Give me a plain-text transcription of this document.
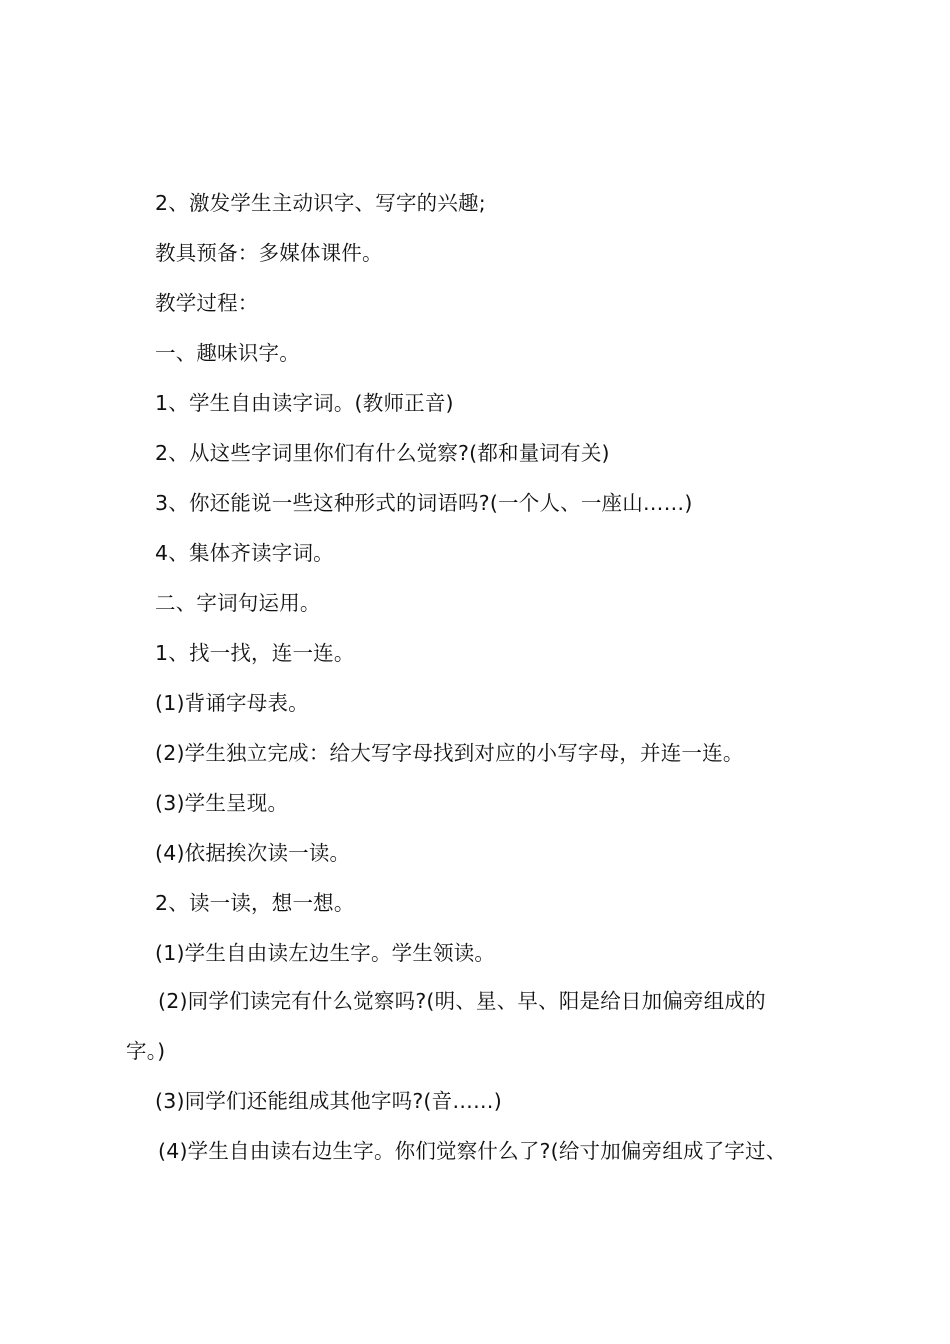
2、激发学生主动识字、写字的兴趣;
教具预备：多媒体课件。
教学过程：
一、趣味识字。
1、学生自由读字词。(教师正音)
2、从这些字词里你们有什么觉察?(都和量词有关)
3、你还能说一些这种形式的词语吗?(一个人、一座山……)
4、集体齐读字词。
二、字词句运用。
1、找一找，连一连。
(1)背诵字母表。
(2)学生独立完成：给大写字母找到对应的小写字母，并连一连。
(3)学生呈现。
(4)依据挨次读一读。
2、读一读，想一想。
(1)学生自由读左边生字。学生领读。
(2)同学们读完有什么觉察吗?(明、星、早、阳是给日加偏旁组成的
字。)
(3)同学们还能组成其他字吗?(音……)
(4)学生自由读右边生字。你们觉察什么了?(给寸加偏旁组成了字过、
